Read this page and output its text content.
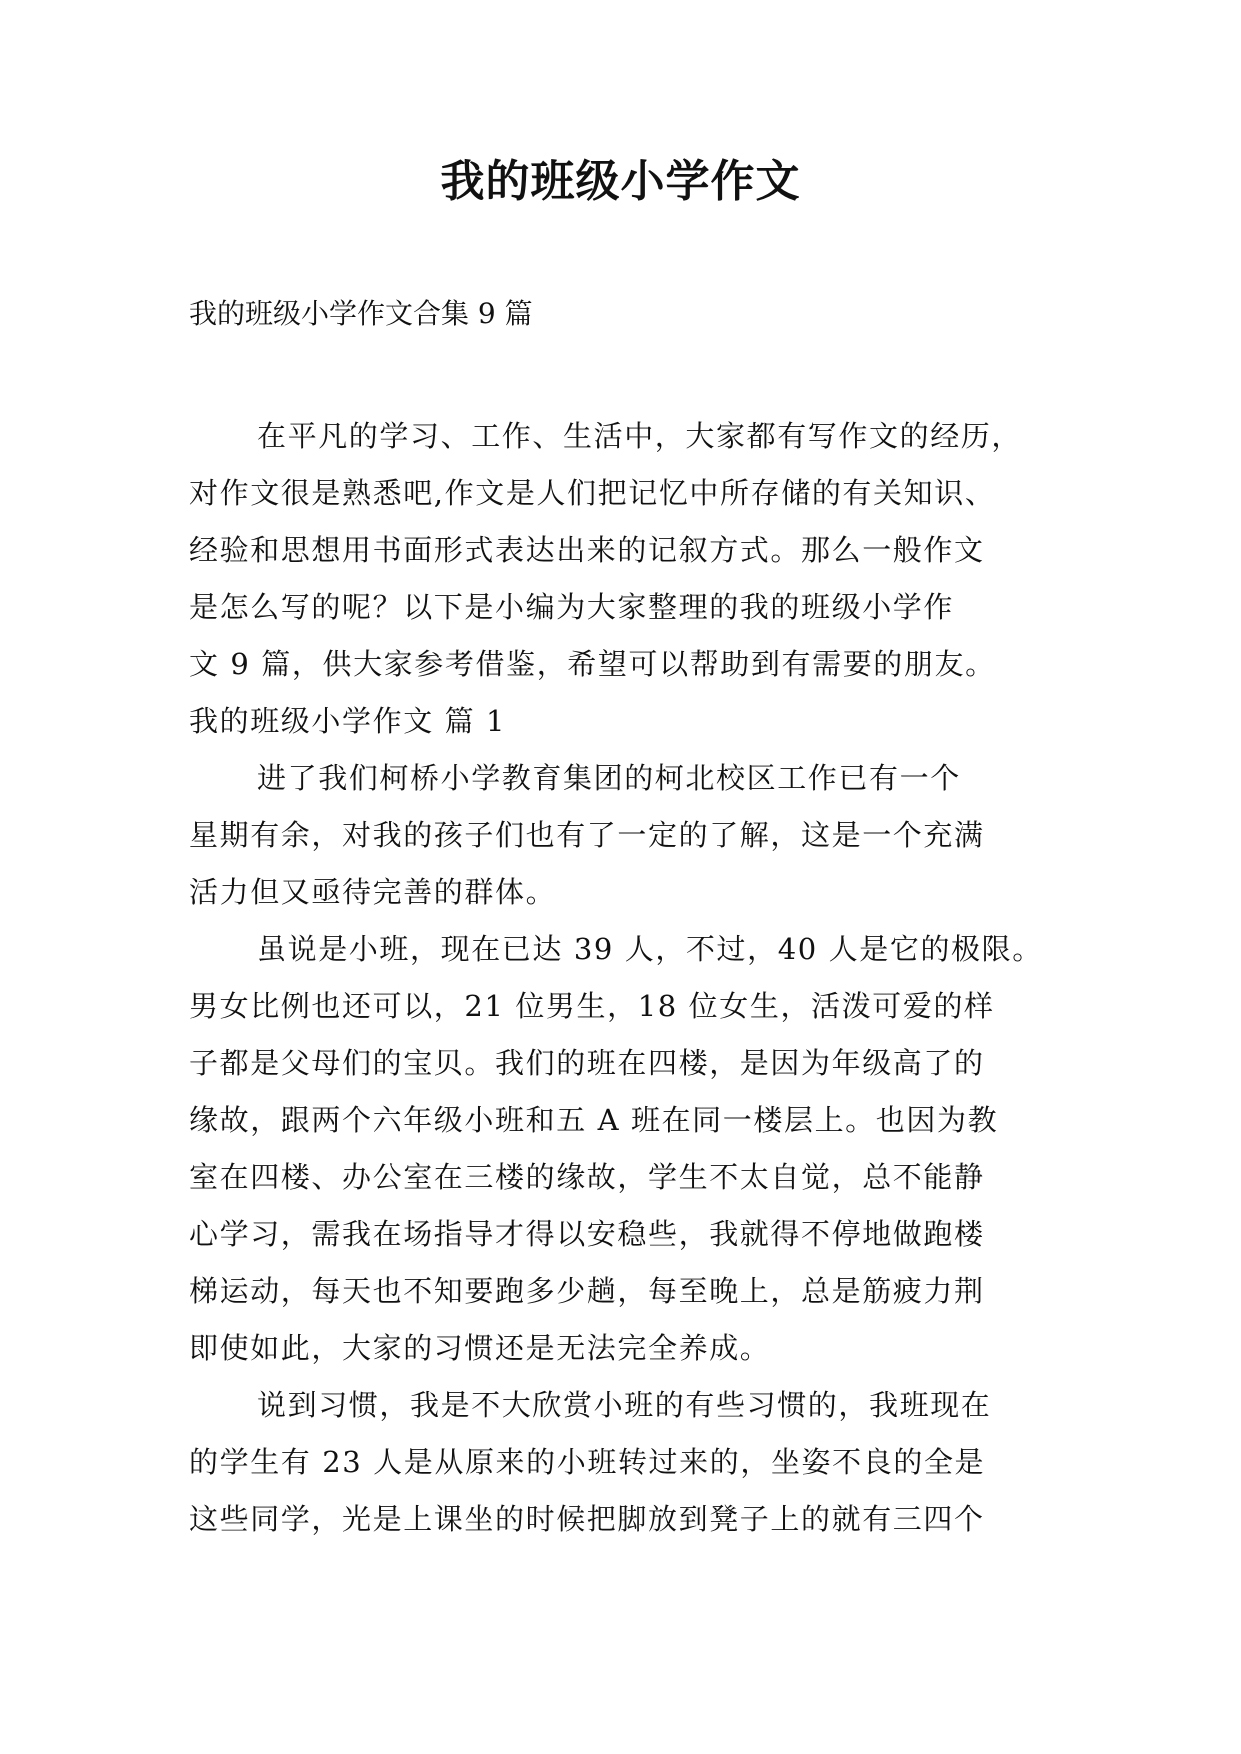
我的班级小学作文

我的班级小学作文合集 9 篇

在平凡的学习、工作、生活中，大家都有写作文的经历，
对作文很是熟悉吧,作文是人们把记忆中所存储的有关知识、
经验和思想用书面形式表达出来的记叙方式。那么一般作文
是怎么写的呢？以下是小编为大家整理的我的班级小学作
文 9 篇，供大家参考借鉴，希望可以帮助到有需要的朋友。
我的班级小学作文 篇 1
进了我们柯桥小学教育集团的柯北校区工作已有一个
星期有余，对我的孩子们也有了一定的了解，这是一个充满
活力但又亟待完善的群体。
虽说是小班，现在已达 39 人，不过，40 人是它的极限。
男女比例也还可以，21 位男生，18 位女生，活泼可爱的样
子都是父母们的宝贝。我们的班在四楼，是因为年级高了的
缘故，跟两个六年级小班和五 A 班在同一楼层上。也因为教
室在四楼、办公室在三楼的缘故，学生不太自觉，总不能静
心学习，需我在场指导才得以安稳些，我就得不停地做跑楼
梯运动，每天也不知要跑多少趟，每至晚上，总是筋疲力荆
即使如此，大家的习惯还是无法完全养成。
说到习惯，我是不大欣赏小班的有些习惯的，我班现在
的学生有 23 人是从原来的小班转过来的，坐姿不良的全是
这些同学，光是上课坐的时候把脚放到凳子上的就有三四个
